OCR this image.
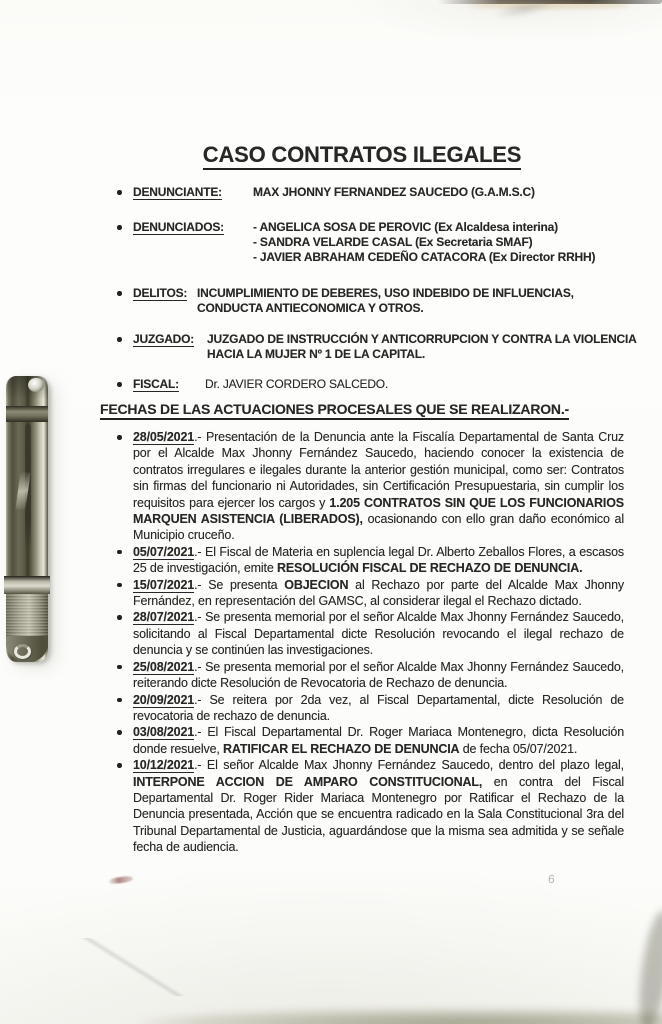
CASO CONTRATOS ILEGALES
DENUNCIANTE:	MAX JHONNY FERNANDEZ SAUCEDO (G.A.M.S.C)
DENUNCIADOS:	- ANGELICA SOSA DE PEROVIC (Ex Alcaldesa interina)
- SANDRA VELARDE CASAL (Ex Secretaria SMAF)
- JAVIER ABRAHAM CEDEÑO CATACORA (Ex Director RRHH)
DELITOS: INCUMPLIMIENTO DE DEBERES, USO INDEBIDO DE INFLUENCIAS,
CONDUCTA ANTIECONOMICA Y OTROS.
JUZGADO:	JUZGADO DE INSTRUCCIÓN Y ANTICORRUPCION Y CONTRA LA VIOLENCIA
HACIA LA MUJER Nº 1 DE LA CAPITAL.
FISCAL:	Dr. JAVIER CORDERO SALCEDO.
FECHAS DE LAS ACTUACIONES PROCESALES QUE SE REALIZARON.-
28/05/2021.- Presentación de la Denuncia ante la Fiscalía Departamental de Santa Cruz por el Alcalde Max Jhonny Fernández Saucedo, haciendo conocer la existencia de contratos irregulares e ilegales durante la anterior gestión municipal, como ser: Contratos sin firmas del funcionario ni Autoridades, sin Certificación Presupuestaria, sin cumplir los requisitos para ejercer los cargos y 1.205 CONTRATOS SIN QUE LOS FUNCIONARIOS MARQUEN ASISTENCIA (LIBERADOS), ocasionando con ello gran daño económico al Municipio cruceño.
05/07/2021.- El Fiscal de Materia en suplencia legal Dr. Alberto Zeballos Flores, a escasos 25 de investigación, emite RESOLUCIÓN FISCAL DE RECHAZO DE DENUNCIA.
15/07/2021.- Se presenta OBJECION al Rechazo por parte del Alcalde Max Jhonny Fernández, en representación del GAMSC, al considerar ilegal el Rechazo dictado.
28/07/2021.- Se presenta memorial por el señor Alcalde Max Jhonny Fernández Saucedo, solicitando al Fiscal Departamental dicte Resolución revocando el ilegal rechazo de denuncia y se continúen las investigaciones.
25/08/2021.- Se presenta memorial por el señor Alcalde Max Jhonny Fernández Saucedo, reiterando dicte Resolución de Revocatoria de Rechazo de denuncia.
20/09/2021.- Se reitera por 2da vez, al Fiscal Departamental, dicte Resolución de revocatoria de rechazo de denuncia.
03/08/2021.- El Fiscal Departamental Dr. Roger Mariaca Montenegro, dicta Resolución donde resuelve, RATIFICAR EL RECHAZO DE DENUNCIA de fecha 05/07/2021.
10/12/2021.- El señor Alcalde Max Jhonny Fernández Saucedo, dentro del plazo legal, INTERPONE ACCION DE AMPARO CONSTITUCIONAL, en contra del Fiscal Departamental Dr. Roger Rider Mariaca Montenegro por Ratificar el Rechazo de la Denuncia presentada, Acción que se encuentra radicado en la Sala Constitucional 3ra del Tribunal Departamental de Justicia, aguardándose que la misma sea admitida y se señale fecha de audiencia.
6
